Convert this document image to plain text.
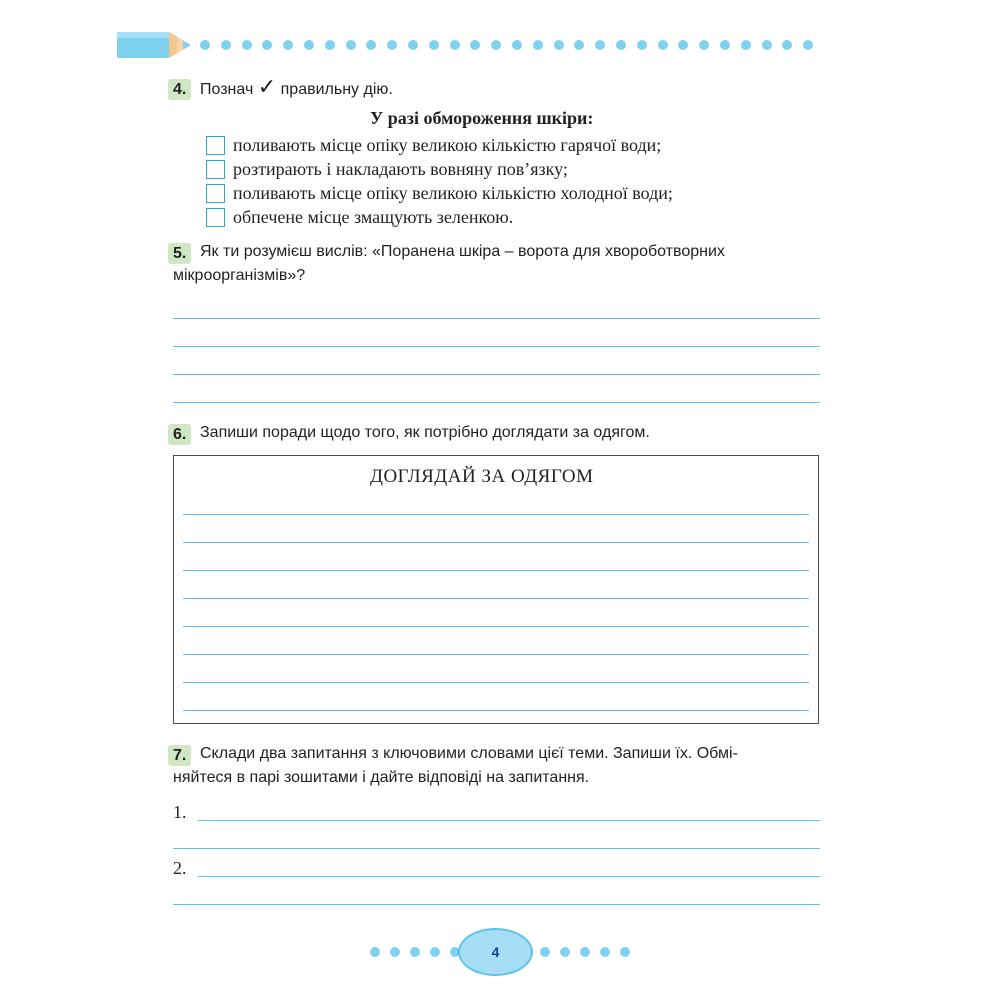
4. Познач ✓ правильну дію.
У разі обмороження шкіри:
поливають місце опіку великою кількістю гарячої води;
розтирають і накладають вовняну пов’язку;
поливають місце опіку великою кількістю холодної води;
обпечене місце змащують зеленкою.
5. Як ти розумієш вислів: «Поранена шкіра – ворота для хвороботворних
мікроорганізмів»?
6. Запиши поради щодо того, як потрібно доглядати за одягом.
ДОГЛЯДАЙ ЗА ОДЯГОМ
7. Склади два запитання з ключовими словами цієї теми. Запиши їх. Обмі-
няйтеся в парі зошитами і дайте відповіді на запитання.
1.
2.
4
